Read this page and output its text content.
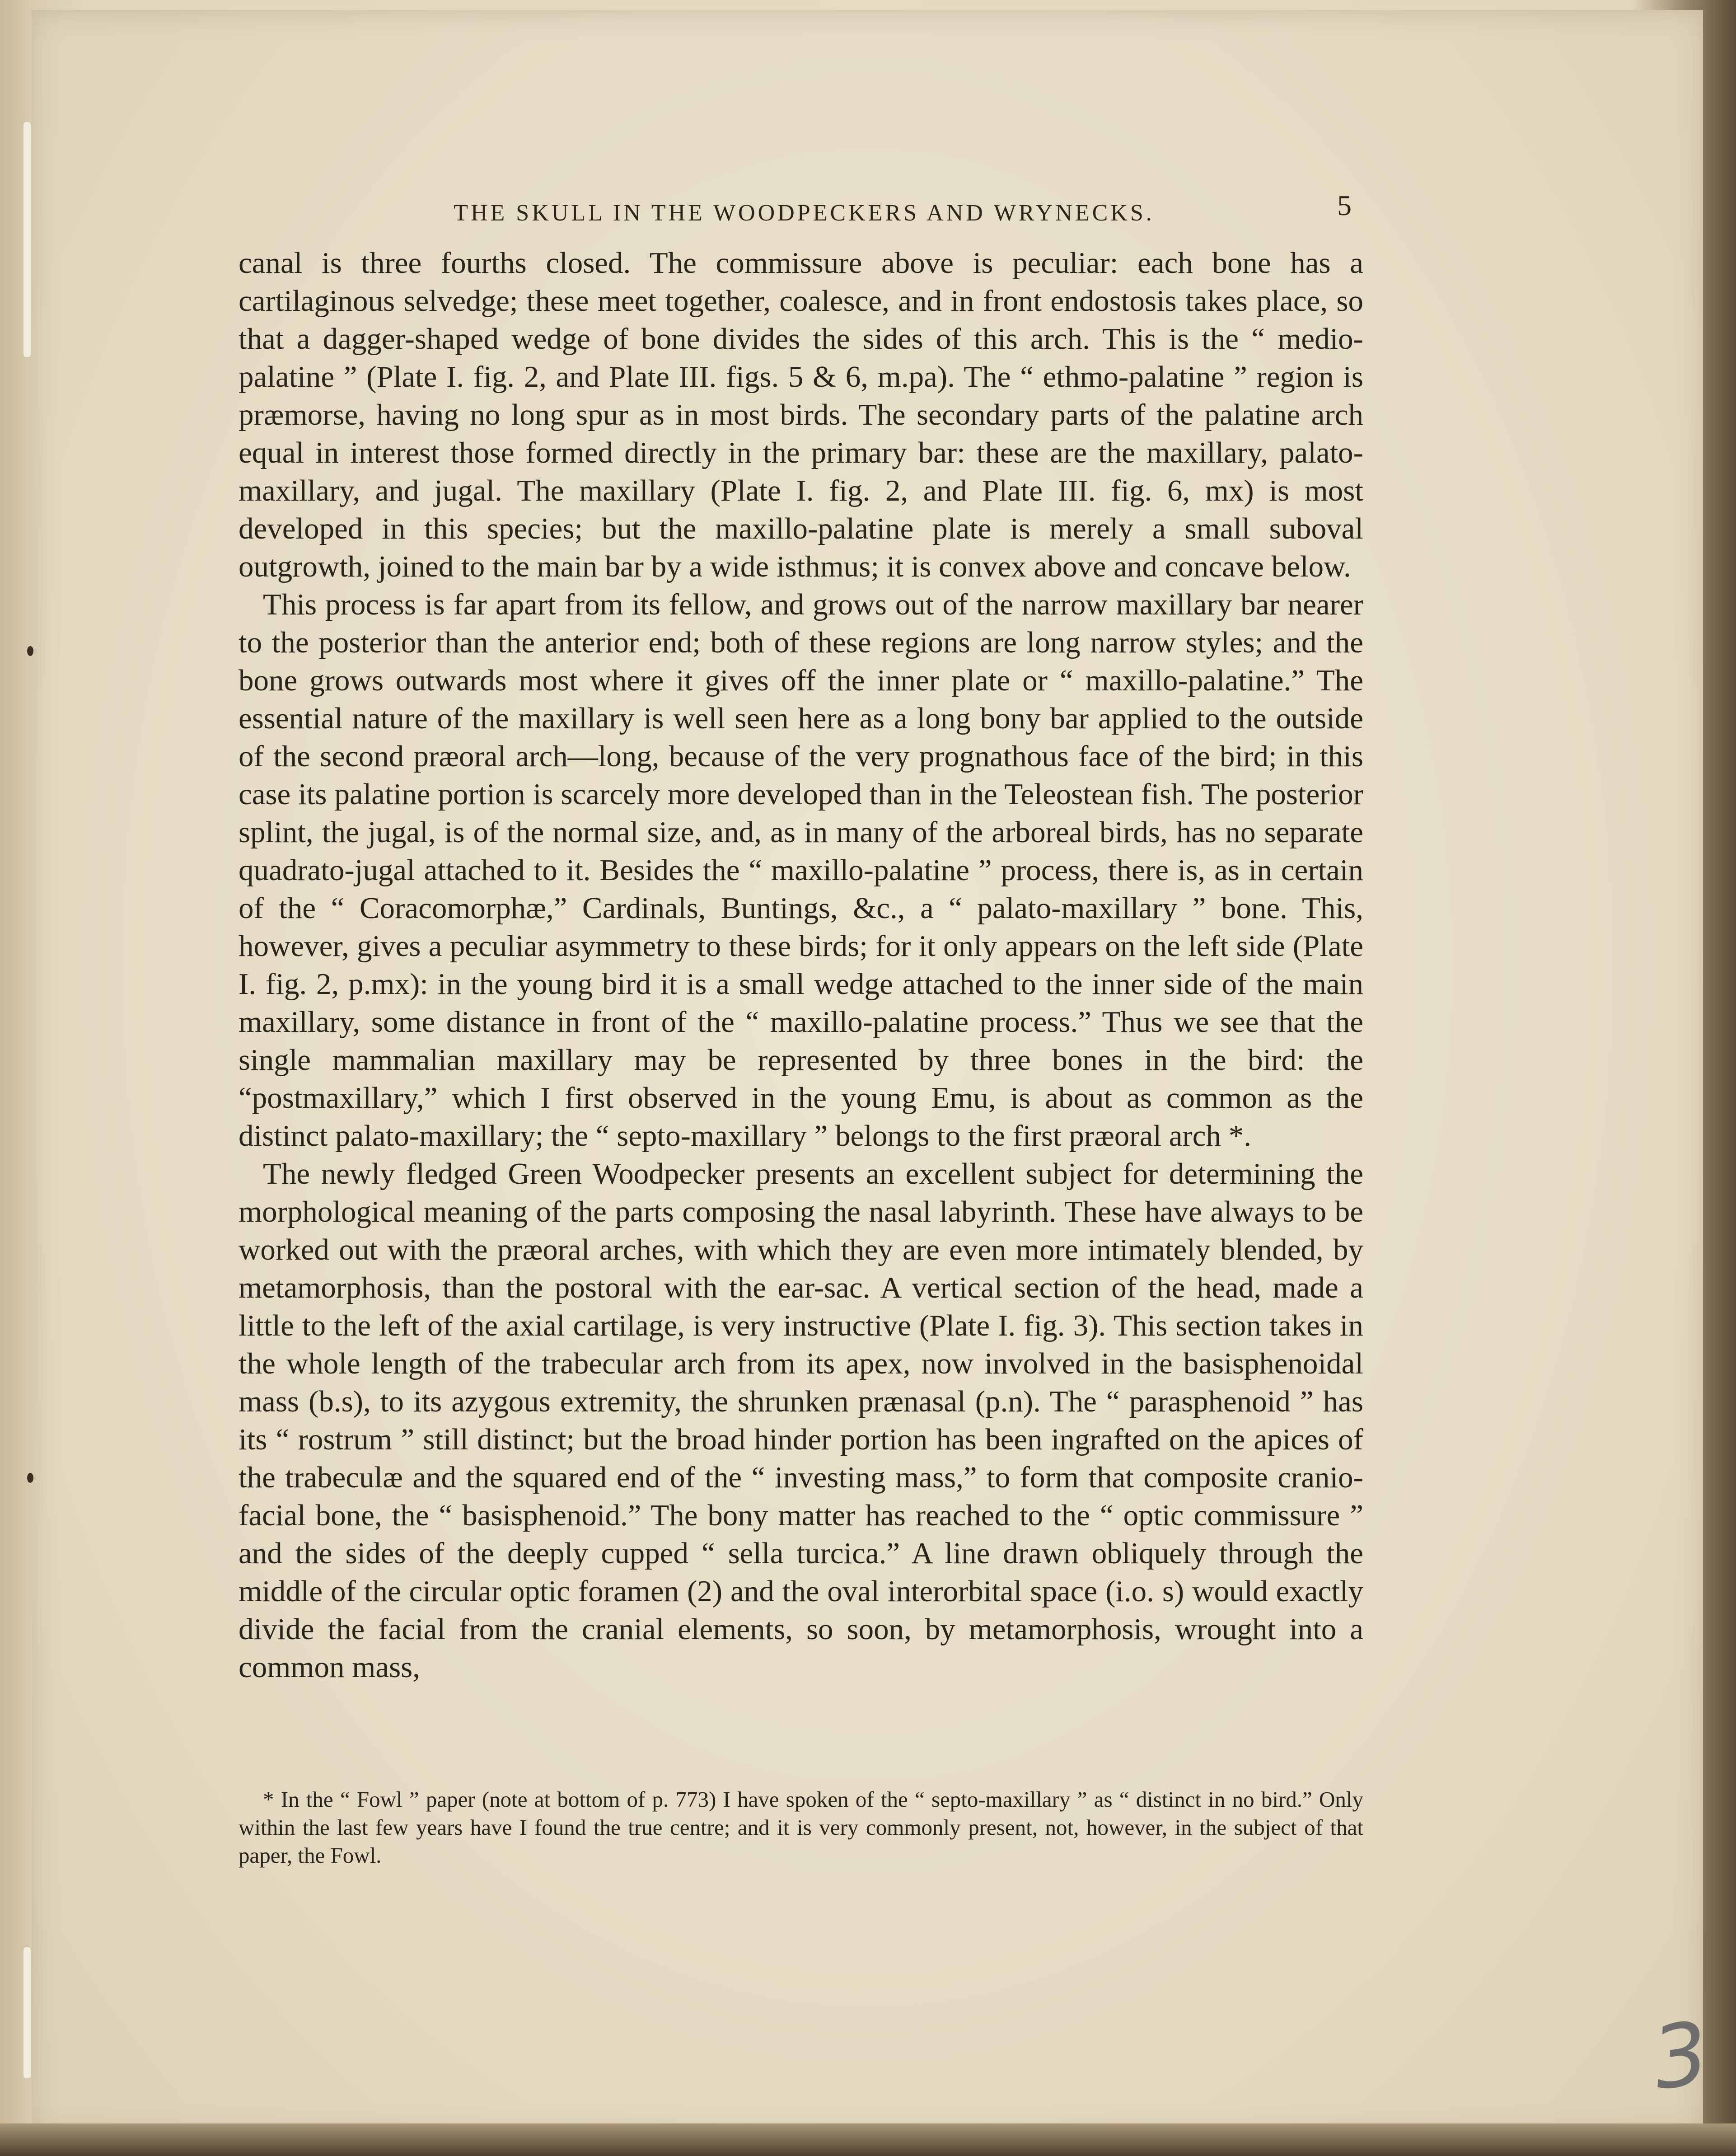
THE SKULL IN THE WOODPECKERS AND WRYNECKS.	5

canal is three fourths closed. The commissure above is peculiar: each bone has a cartilaginous selvedge; these meet together, coalesce, and in front endostosis takes place, so that a dagger-shaped wedge of bone divides the sides of this arch. This is the “ medio-palatine ” (Plate I. fig. 2, and Plate III. figs. 5 & 6, m.pa). The “ ethmo-palatine ” region is præmorse, having no long spur as in most birds. The secondary parts of the palatine arch equal in interest those formed directly in the primary bar: these are the maxillary, palato-maxillary, and jugal. The maxillary (Plate I. fig. 2, and Plate III. fig. 6, mx) is most developed in this species; but the maxillo-palatine plate is merely a small suboval outgrowth, joined to the main bar by a wide isthmus; it is convex above and concave below.

This process is far apart from its fellow, and grows out of the narrow maxillary bar nearer to the posterior than the anterior end; both of these regions are long narrow styles; and the bone grows outwards most where it gives off the inner plate or “ maxillo-palatine.” The essential nature of the maxillary is well seen here as a long bony bar applied to the outside of the second præoral arch—long, because of the very prognathous face of the bird; in this case its palatine portion is scarcely more developed than in the Teleostean fish. The posterior splint, the jugal, is of the normal size, and, as in many of the arboreal birds, has no separate quadrato-jugal attached to it. Besides the “ maxillo-palatine ” process, there is, as in certain of the “ Coracomorphæ,” Cardinals, Buntings, &c., a “ palato-maxillary ” bone. This, however, gives a peculiar asymmetry to these birds; for it only appears on the left side (Plate I. fig. 2, p.mx): in the young bird it is a small wedge attached to the inner side of the main maxillary, some distance in front of the “ maxillo-palatine process.” Thus we see that the single mammalian maxillary may be represented by three bones in the bird: the “postmaxillary,” which I first observed in the young Emu, is about as common as the distinct palato-maxillary; the “ septo-maxillary ” belongs to the first præoral arch *.

The newly fledged Green Woodpecker presents an excellent subject for determining the morphological meaning of the parts composing the nasal labyrinth. These have always to be worked out with the præoral arches, with which they are even more intimately blended, by metamorphosis, than the postoral with the ear-sac. A vertical section of the head, made a little to the left of the axial cartilage, is very instructive (Plate I. fig. 3). This section takes in the whole length of the trabecular arch from its apex, now involved in the basisphenoidal mass (b.s), to its azygous extremity, the shrunken prænasal (p.n). The “ parasphenoid ” has its “ rostrum ” still distinct; but the broad hinder portion has been ingrafted on the apices of the trabeculæ and the squared end of the “ investing mass,” to form that composite cranio-facial bone, the “ basisphenoid.” The bony matter has reached to the “ optic commissure ” and the sides of the deeply cupped “ sella turcica.” A line drawn obliquely through the middle of the circular optic foramen (2) and the oval interorbital space (i.o. s) would exactly divide the facial from the cranial elements, so soon, by metamorphosis, wrought into a common mass,

* In the “ Fowl ” paper (note at bottom of p. 773) I have spoken of the “ septo-maxillary ” as “ distinct in no bird.” Only within the last few years have I found the true centre; and it is very commonly present, not, however, in the subject of that paper, the Fowl.
3
